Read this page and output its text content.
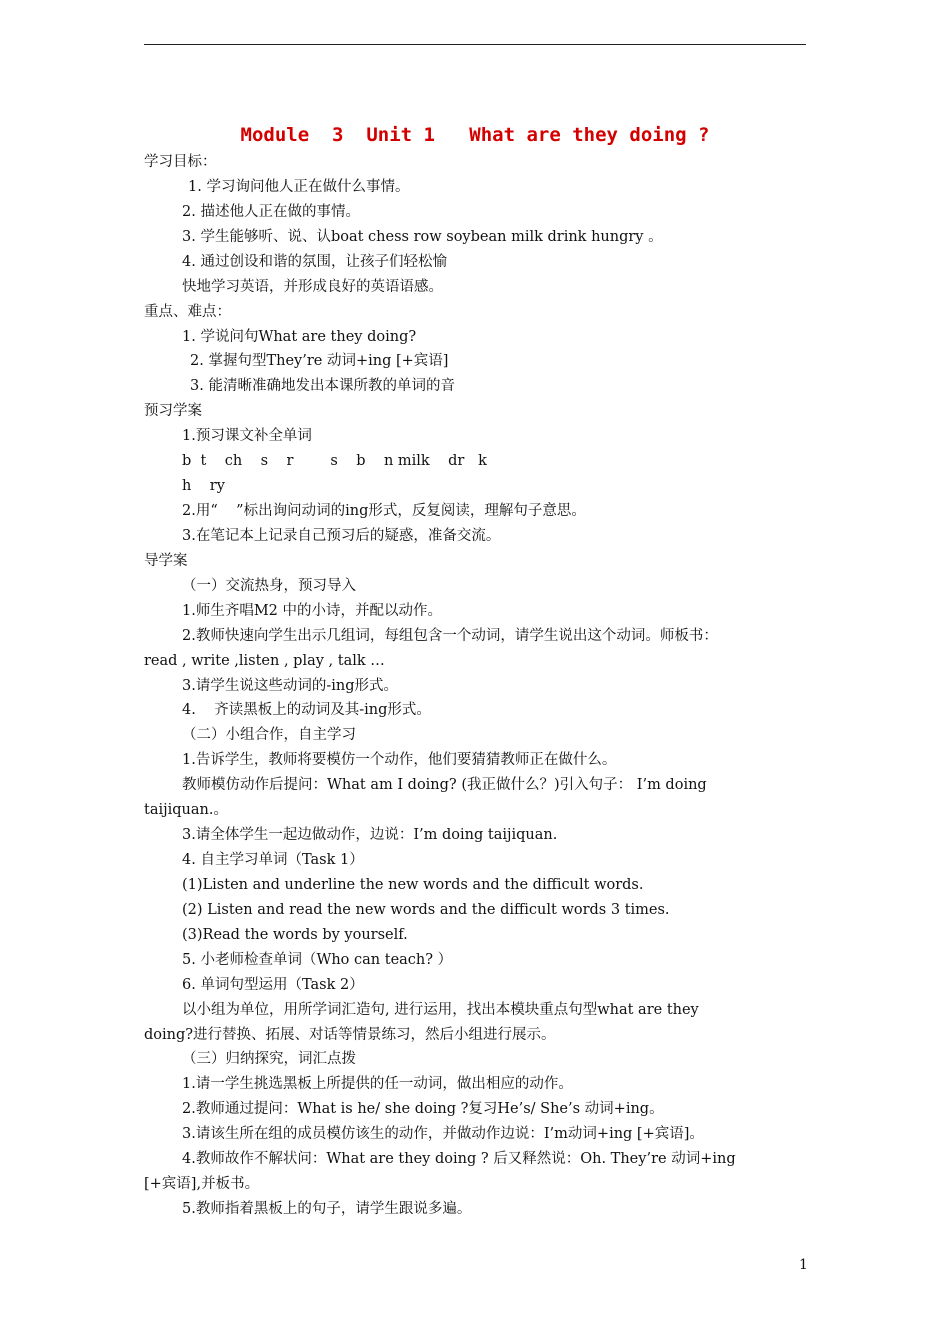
Module  3  Unit 1   What are they doing ?
学习目标：
1. 学习询问他人正在做什么事情。
2. 描述他人正在做的事情。
3. 学生能够听、说、认boat chess row soybean milk drink hungry 。
4. 通过创设和谐的氛围，让孩子们轻松愉
快地学习英语，并形成良好的英语语感。
重点、难点：
1. 学说问句What are they doing?
2. 掌握句型They’re 动词+ing [+宾语]
3. 能清晰准确地发出本课所教的单词的音
预习学案
1.预习课文补全单词
b  t    ch    s    r        s    b    n milk    dr   k
h    ry
2.用“    ”标出询问动词的ing形式，反复阅读，理解句子意思。
3.在笔记本上记录自己预习后的疑惑，准备交流。
导学案
（一）交流热身，预习导入
1.师生齐唱M2 中的小诗，并配以动作。
2.教师快速向学生出示几组词，每组包含一个动词，请学生说出这个动词。师板书：
read , write ,listen , play , talk …
3.请学生说这些动词的-ing形式。
4.    齐读黑板上的动词及其-ing形式。
（二）小组合作，自主学习
1.告诉学生，教师将要模仿一个动作，他们要猜猜教师正在做什么。
教师模仿动作后提问：What am I doing? (我正做什么？)引入句子： I’m doing
taijiquan.。
3.请全体学生一起边做动作，边说：I’m doing taijiquan.
4. 自主学习单词（Task 1）
(1)Listen and underline the new words and the difficult words.
(2) Listen and read the new words and the difficult words 3 times.
(3)Read the words by yourself.
5. 小老师检查单词（Who can teach? ）
6. 单词句型运用（Task 2）
以小组为单位，用所学词汇造句, 进行运用，找出本模块重点句型what are they
doing?进行替换、拓展、对话等情景练习，然后小组进行展示。
（三）归纳探究，词汇点拨
1.请一学生挑选黑板上所提供的任一动词，做出相应的动作。
2.教师通过提问：What is he/ she doing ?复习He’s/ She’s 动词+ing。
3.请该生所在组的成员模仿该生的动作，并做动作边说：I’m动词+ing [+宾语]。
4.教师故作不解状问：What are they doing ? 后又释然说：Oh. They’re 动词+ing
[+宾语],并板书。
5.教师指着黑板上的句子，请学生跟说多遍。
1
